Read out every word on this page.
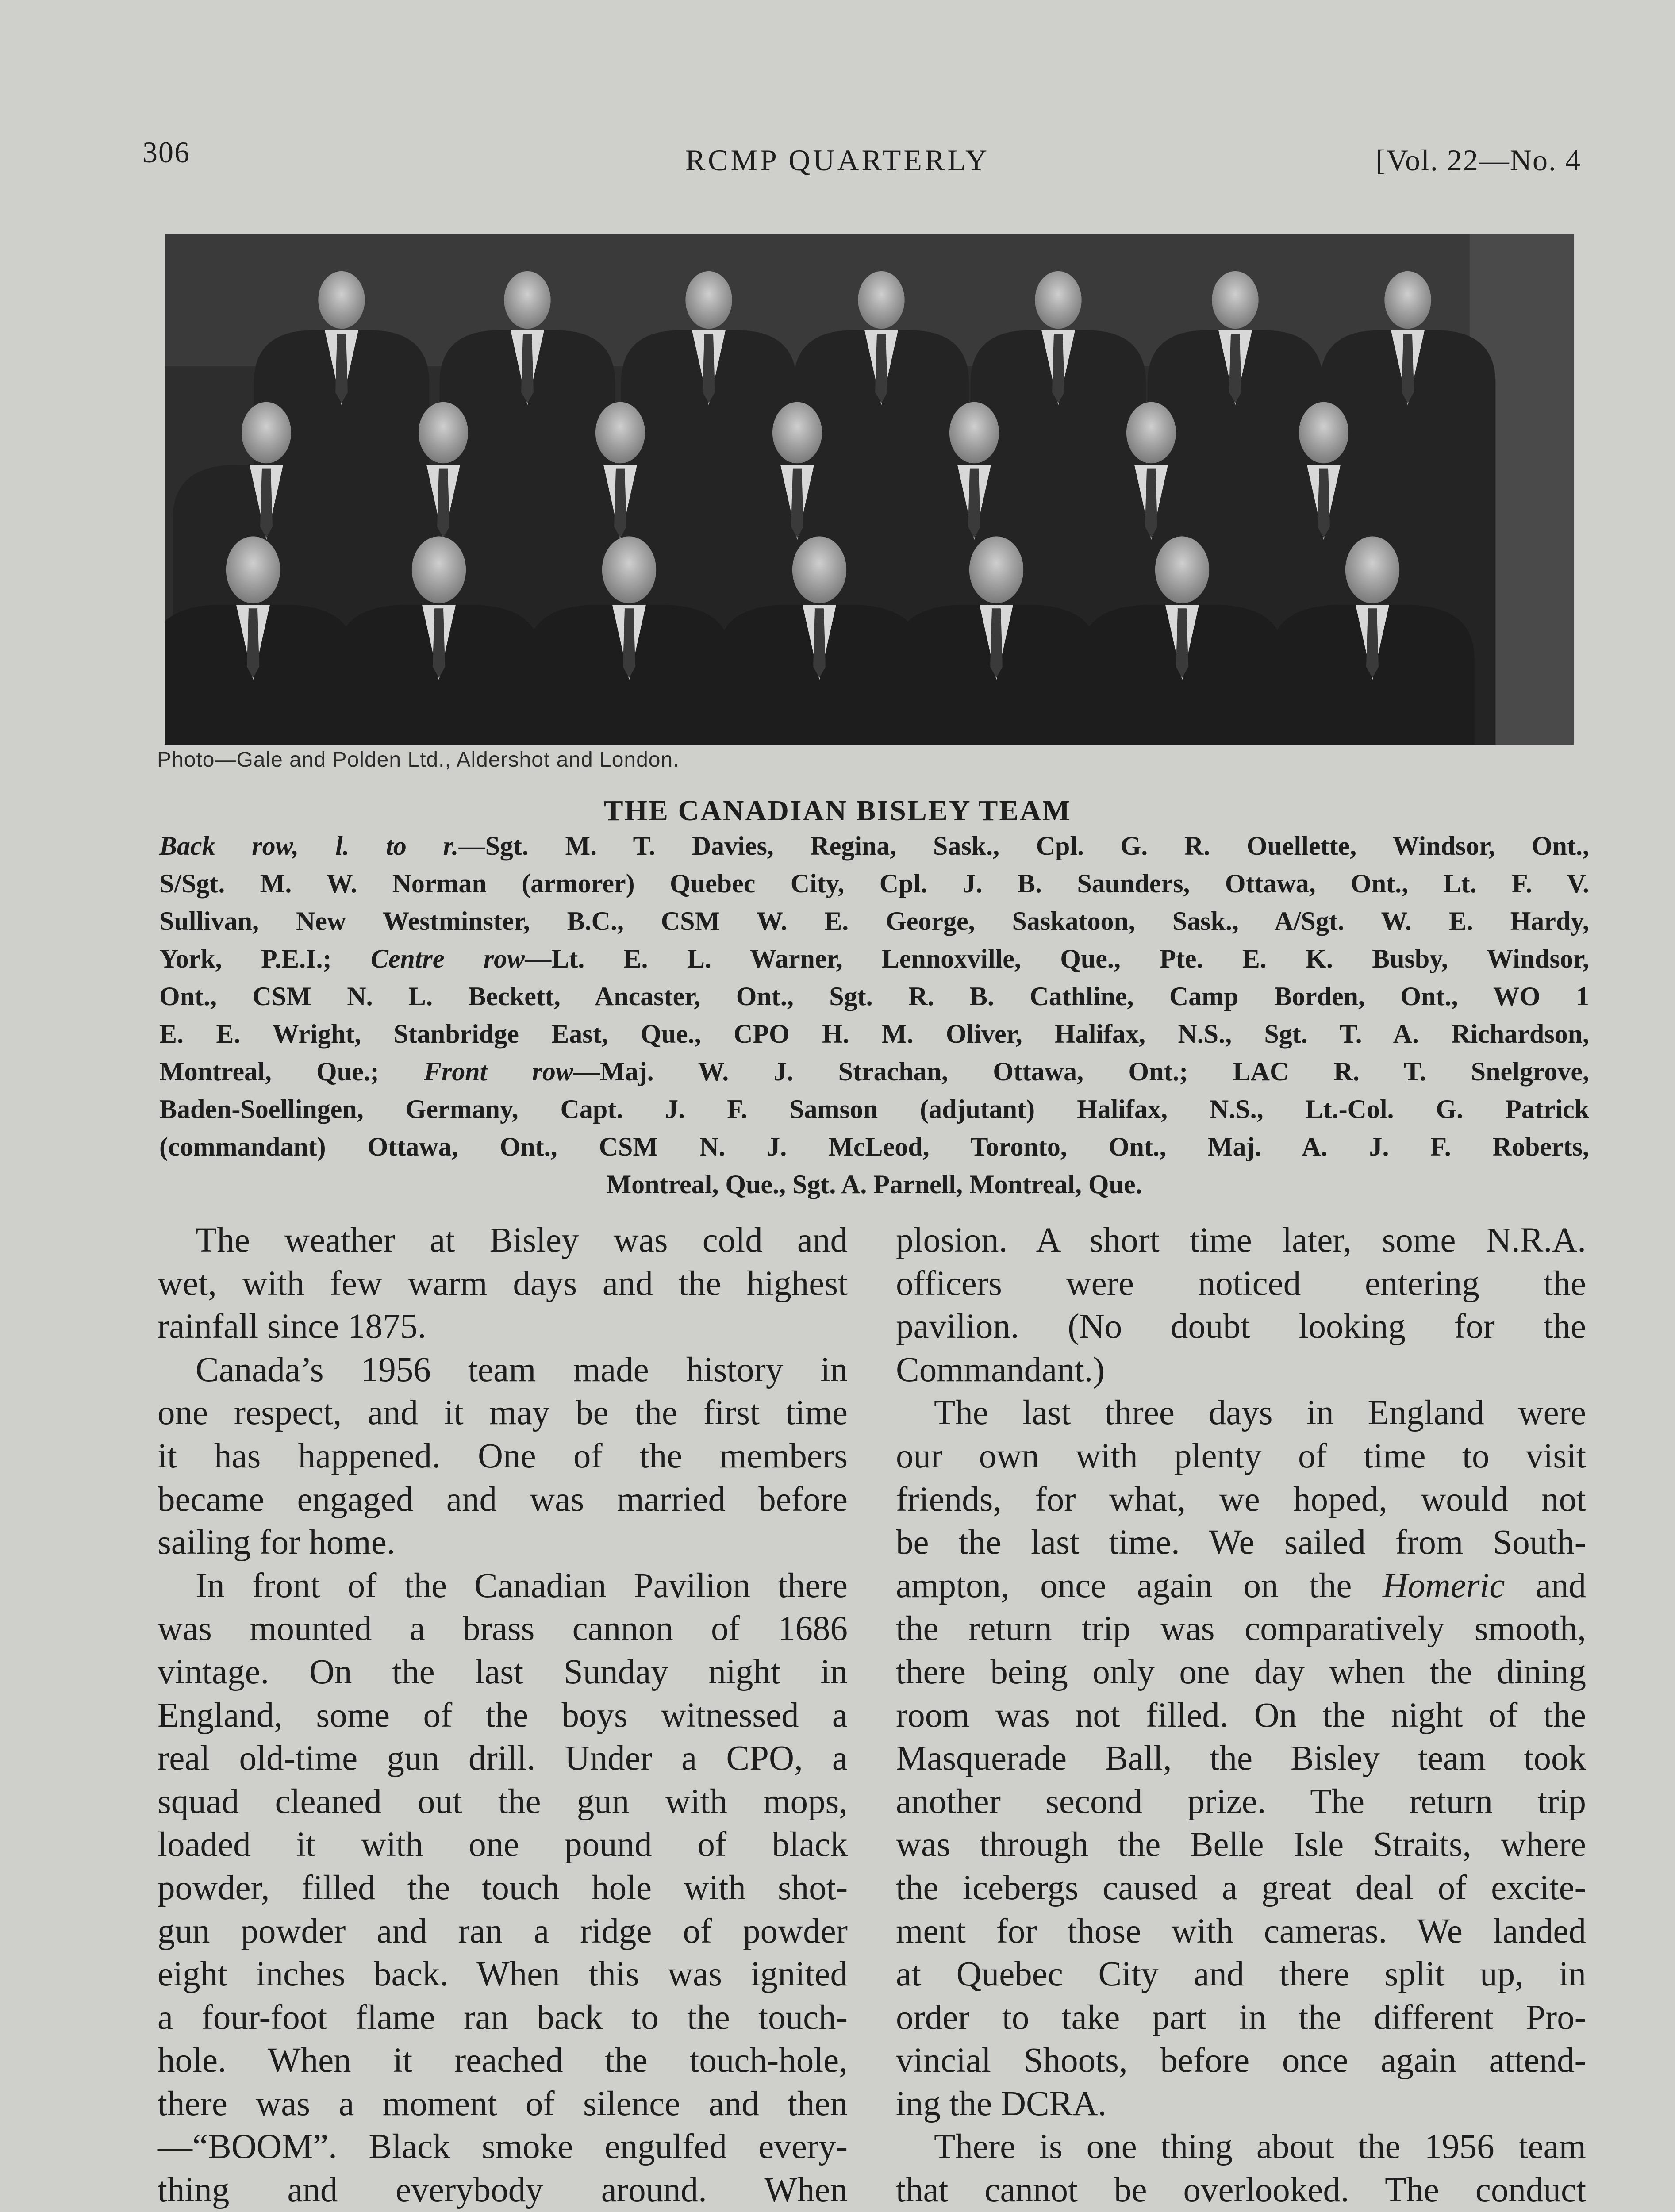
306	RCMP QUARTERLY	[Vol. 22—No. 4
Photo—Gale and Polden Ltd., Aldershot and London.
THE CANADIAN BISLEY TEAM
Back row, l. to r.—Sgt. M. T. Davies, Regina, Sask., Cpl. G. R. Ouellette, Windsor, Ont.,
S/Sgt. M. W. Norman (armorer) Quebec City, Cpl. J. B. Saunders, Ottawa, Ont., Lt. F. V.
Sullivan, New Westminster, B.C., CSM W. E. George, Saskatoon, Sask., A/Sgt. W. E. Hardy,
York, P.E.I.; Centre row—Lt. E. L. Warner, Lennoxville, Que., Pte. E. K. Busby, Windsor,
Ont., CSM N. L. Beckett, Ancaster, Ont., Sgt. R. B. Cathline, Camp Borden, Ont., WO 1
E. E. Wright, Stanbridge East, Que., CPO H. M. Oliver, Halifax, N.S., Sgt. T. A. Richardson,
Montreal, Que.; Front row—Maj. W. J. Strachan, Ottawa, Ont.; LAC R. T. Snelgrove,
Baden-Soellingen, Germany, Capt. J. F. Samson (adjutant) Halifax, N.S., Lt.-Col. G. Patrick
(commandant) Ottawa, Ont., CSM N. J. McLeod, Toronto, Ont., Maj. A. J. F. Roberts,
Montreal, Que., Sgt. A. Parnell, Montreal, Que.
The weather at Bisley was cold and
wet, with few warm days and the highest
rainfall since 1875.
Canada’s 1956 team made history in
one respect, and it may be the first time
it has happened. One of the members
became engaged and was married before
sailing for home.
In front of the Canadian Pavilion there
was mounted a brass cannon of 1686
vintage. On the last Sunday night in
England, some of the boys witnessed a
real old-time gun drill. Under a CPO, a
squad cleaned out the gun with mops,
loaded it with one pound of black
powder, filled the touch hole with shot-
gun powder and ran a ridge of powder
eight inches back. When this was ignited
a four-foot flame ran back to the touch-
hole. When it reached the touch-hole,
there was a moment of silence and then
—“BOOM”. Black smoke engulfed every-
thing and everybody around. When
plosion. A short time later, some N.R.A.
officers were noticed entering the
pavilion. (No doubt looking for the
Commandant.)
The last three days in England were
our own with plenty of time to visit
friends, for what, we hoped, would not
be the last time. We sailed from South-
ampton, once again on the Homeric and
the return trip was comparatively smooth,
there being only one day when the dining
room was not filled. On the night of the
Masquerade Ball, the Bisley team took
another second prize. The return trip
was through the Belle Isle Straits, where
the icebergs caused a great deal of excite-
ment for those with cameras. We landed
at Quebec City and there split up, in
order to take part in the different Pro-
vincial Shoots, before once again attend-
ing the DCRA.
There is one thing about the 1956 team
that cannot be overlooked. The conduct
